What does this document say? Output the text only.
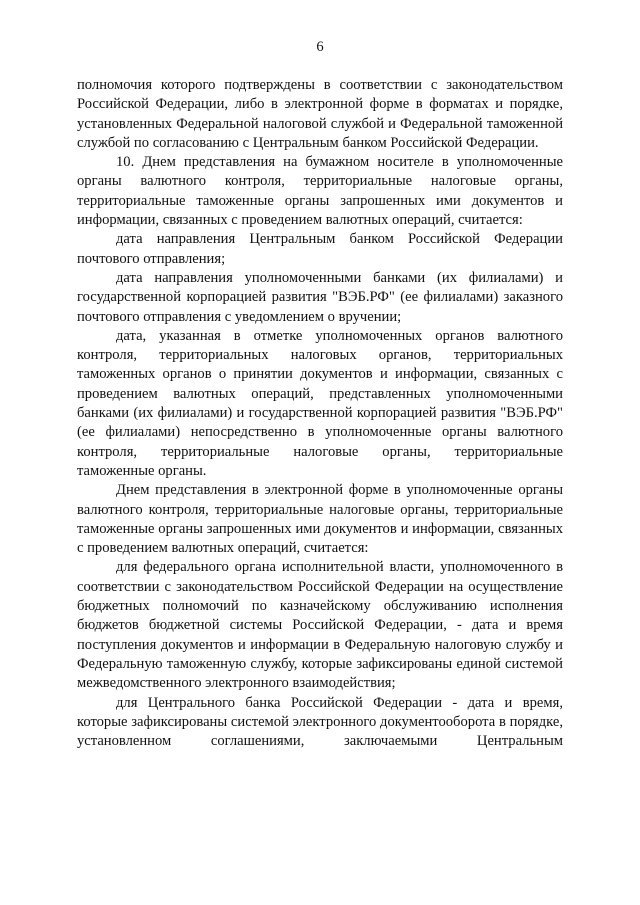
6

полномочия которого подтверждены в соответствии с законодательством Российской Федерации, либо в электронной форме в форматах и порядке, установленных Федеральной налоговой службой и Федеральной таможенной службой по согласованию с Центральным банком Российской Федерации.

10. Днем представления на бумажном носителе в уполномоченные органы валютного контроля, территориальные налоговые органы, территориальные таможенные органы запрошенных ими документов и информации, связанных с проведением валютных операций, считается:

дата направления Центральным банком Российской Федерации почтового отправления;

дата направления уполномоченными банками (их филиалами) и государственной корпорацией развития "ВЭБ.РФ" (ее филиалами) заказного почтового отправления с уведомлением о вручении;

дата, указанная в отметке уполномоченных органов валютного контроля, территориальных налоговых органов, территориальных таможенных органов о принятии документов и информации, связанных с проведением валютных операций, представленных уполномоченными банками (их филиалами) и государственной корпорацией развития "ВЭБ.РФ" (ее филиалами) непосредственно в уполномоченные органы валютного контроля, территориальные налоговые органы, территориальные таможенные органы.

Днем представления в электронной форме в уполномоченные органы валютного контроля, территориальные налоговые органы, территориальные таможенные органы запрошенных ими документов и информации, связанных с проведением валютных операций, считается:

для федерального органа исполнительной власти, уполномоченного в соответствии с законодательством Российской Федерации на осуществление бюджетных полномочий по казначейскому обслуживанию исполнения бюджетов бюджетной системы Российской Федерации, - дата и время поступления документов и информации в Федеральную налоговую службу и Федеральную таможенную службу, которые зафиксированы единой системой межведомственного электронного взаимодействия;

для Центрального банка Российской Федерации - дата и время, которые зафиксированы системой электронного документооборота в порядке, установленном соглашениями, заключаемыми Центральным
